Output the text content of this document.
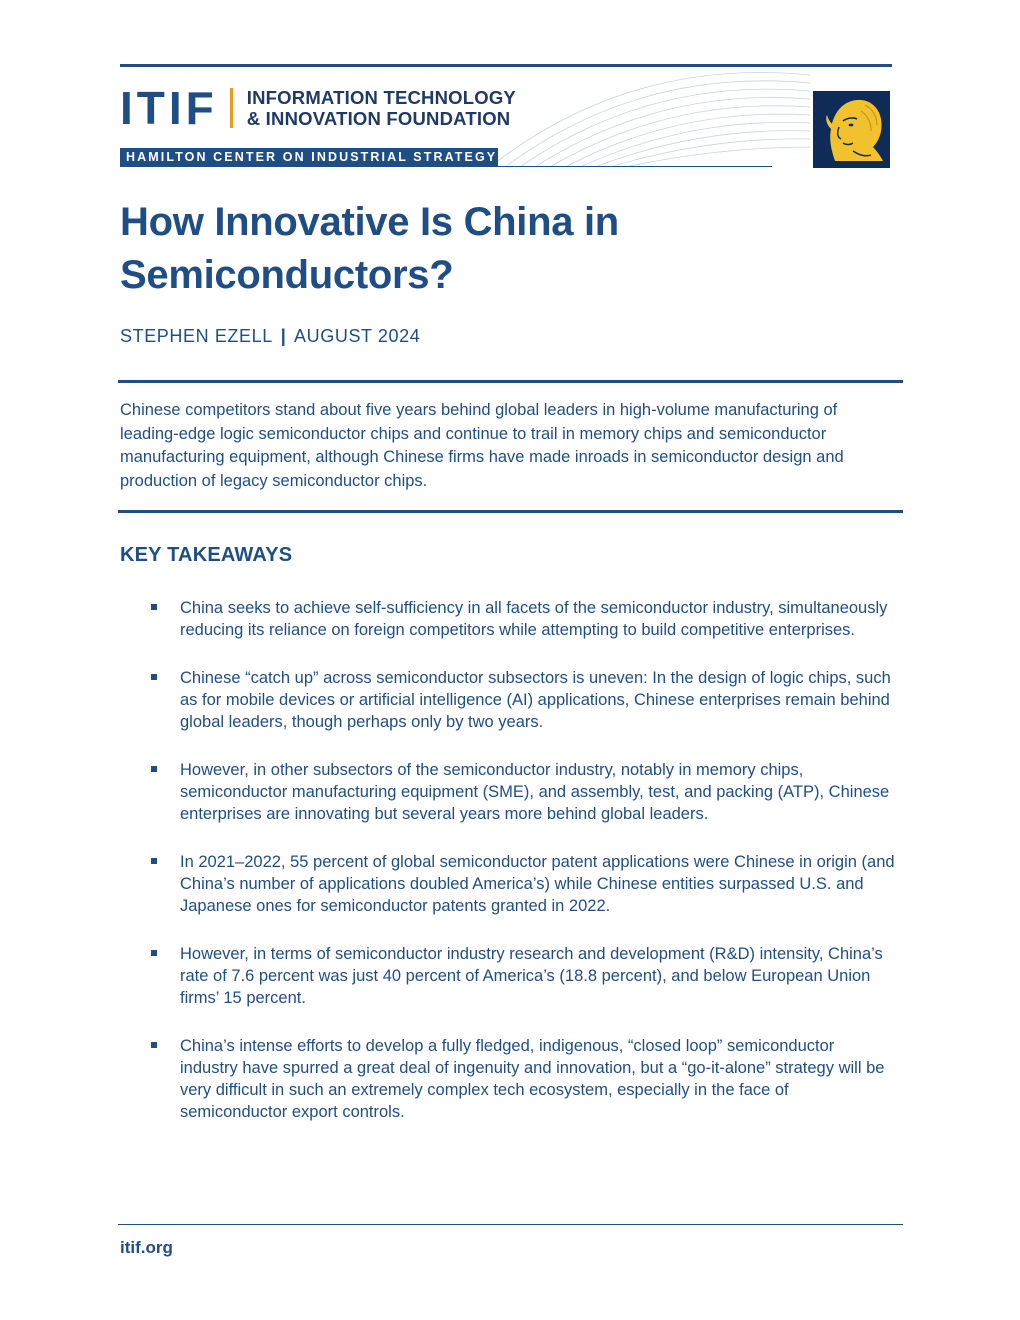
ITIF INFORMATION TECHNOLOGY
& INNOVATION FOUNDATION
HAMILTON CENTER ON INDUSTRIAL STRATEGY
How Innovative Is China in Semiconductors?
STEPHEN EZELL | AUGUST 2024

Chinese competitors stand about five years behind global leaders in high-volume manufacturing of leading-edge logic semiconductor chips and continue to trail in memory chips and semiconductor manufacturing equipment, although Chinese firms have made inroads in semiconductor design and production of legacy semiconductor chips.

KEY TAKEAWAYS
China seeks to achieve self-sufficiency in all facets of the semiconductor industry, simultaneously reducing its reliance on foreign competitors while attempting to build competitive enterprises.
Chinese “catch up” across semiconductor subsectors is uneven: In the design of logic chips, such as for mobile devices or artificial intelligence (AI) applications, Chinese enterprises remain behind global leaders, though perhaps only by two years.
However, in other subsectors of the semiconductor industry, notably in memory chips, semiconductor manufacturing equipment (SME), and assembly, test, and packing (ATP), Chinese enterprises are innovating but several years more behind global leaders.
In 2021–2022, 55 percent of global semiconductor patent applications were Chinese in origin (and China’s number of applications doubled America’s) while Chinese entities surpassed U.S. and Japanese ones for semiconductor patents granted in 2022.
However, in terms of semiconductor industry research and development (R&D) intensity, China’s rate of 7.6 percent was just 40 percent of America’s (18.8 percent), and below European Union firms’ 15 percent.
China’s intense efforts to develop a fully fledged, indigenous, “closed loop” semiconductor industry have spurred a great deal of ingenuity and innovation, but a “go-it-alone” strategy will be very difficult in such an extremely complex tech ecosystem, especially in the face of semiconductor export controls.
itif.org
